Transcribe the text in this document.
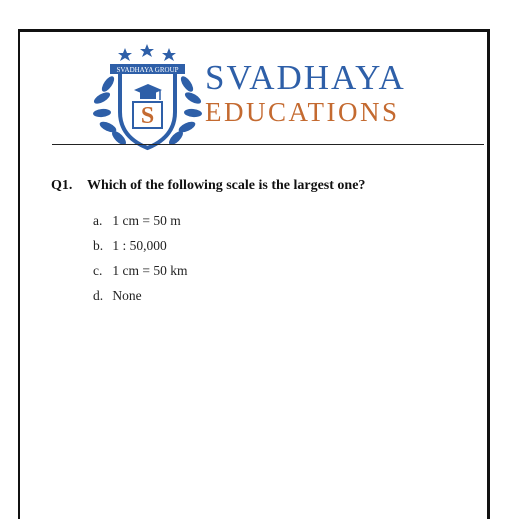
SVADHAYA GROUP
S
SVADHAYA
EDUCATIONS
Q1. Which of the following scale is the largest one?
a. 1 cm = 50 m
b. 1 : 50,000
c. 1 cm = 50 km
d. None
